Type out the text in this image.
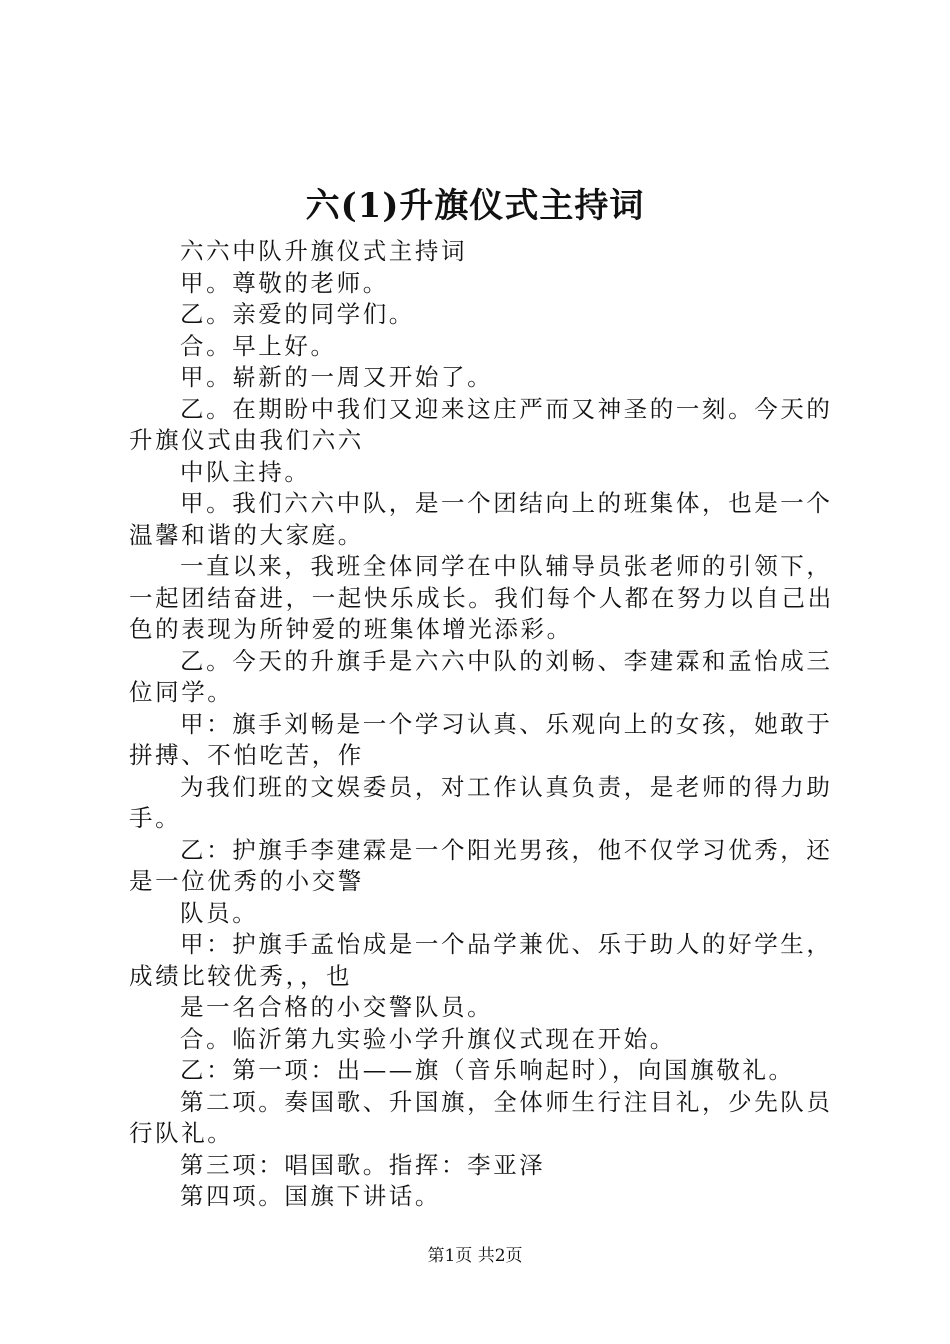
六(1)升旗仪式主持词

六六中队升旗仪式主持词

甲。尊敬的老师。

乙。亲爱的同学们。

合。早上好。

甲。崭新的一周又开始了。

乙。在期盼中我们又迎来这庄严而又神圣的一刻。今天的升旗仪式由我们六六

中队主持。

甲。我们六六中队，是一个团结向上的班集体，也是一个温馨和谐的大家庭。

一直以来，我班全体同学在中队辅导员张老师的引领下，一起团结奋进，一起快乐成长。我们每个人都在努力以自己出色的表现为所钟爱的班集体增光添彩。

乙。今天的升旗手是六六中队的刘畅、李建霖和孟怡成三位同学。

甲：旗手刘畅是一个学习认真、乐观向上的女孩，她敢于拼搏、不怕吃苦，作

为我们班的文娱委员，对工作认真负责，是老师的得力助手。

乙：护旗手李建霖是一个阳光男孩，他不仅学习优秀，还是一位优秀的小交警

队员。

甲：护旗手孟怡成是一个品学兼优、乐于助人的好学生，成绩比较优秀，，也

是一名合格的小交警队员。

合。临沂第九实验小学升旗仪式现在开始。

乙：第一项：出——旗（音乐响起时），向国旗敬礼。

第二项。奏国歌、升国旗，全体师生行注目礼，少先队员行队礼。

第三项：唱国歌。指挥：李亚泽

第四项。国旗下讲话。

第1页 共2页
